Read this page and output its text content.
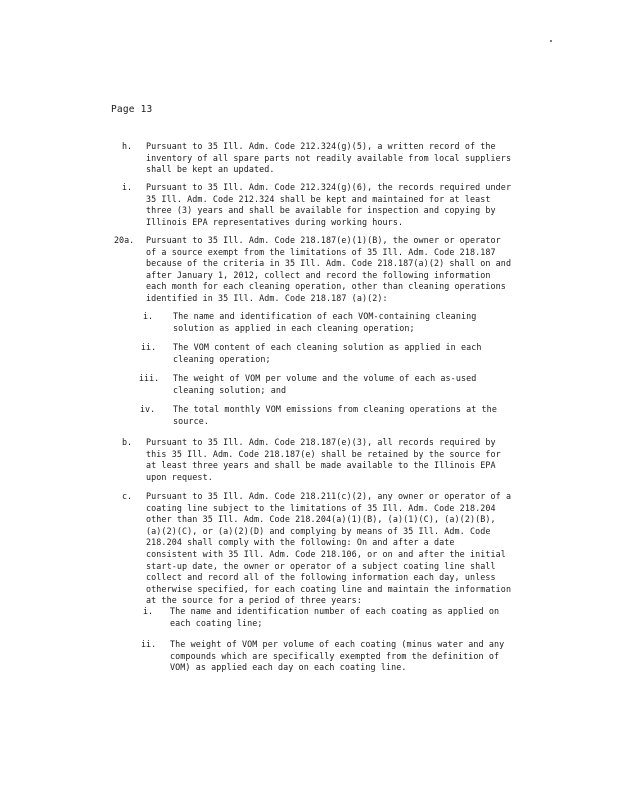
Page 13
h. Pursuant to 35 Ill. Adm. Code 212.324(g)(5), a written record of the
inventory of all spare parts not readily available from local suppliers
shall be kept an updated.
i. Pursuant to 35 Ill. Adm. Code 212.324(g)(6), the records required under
35 Ill. Adm. Code 212.324 shall be kept and maintained for at least
three (3) years and shall be available for inspection and copying by
Illinois EPA representatives during working hours.
20a. Pursuant to 35 Ill. Adm. Code 218.187(e)(1)(B), the owner or operator
of a source exempt from the limitations of 35 Ill. Adm. Code 218.187
because of the criteria in 35 Ill. Adm. Code 218.187(a)(2) shall on and
after January 1, 2012, collect and record the following information
each month for each cleaning operation, other than cleaning operations
identified in 35 Ill. Adm. Code 218.187 (a)(2):
i. The name and identification of each VOM-containing cleaning
solution as applied in each cleaning operation;
ii. The VOM content of each cleaning solution as applied in each
cleaning operation;
iii. The weight of VOM per volume and the volume of each as-used
cleaning solution; and
iv. The total monthly VOM emissions from cleaning operations at the
source.
b. Pursuant to 35 Ill. Adm. Code 218.187(e)(3), all records required by
this 35 Ill. Adm. Code 218.187(e) shall be retained by the source for
at least three years and shall be made available to the Illinois EPA
upon request.
c. Pursuant to 35 Ill. Adm. Code 218.211(c)(2), any owner or operator of a
coating line subject to the limitations of 35 Ill. Adm. Code 218.204
other than 35 Ill. Adm. Code 218.204(a)(1)(B), (a)(1)(C), (a)(2)(B),
(a)(2)(C), or (a)(2)(D) and complying by means of 35 Ill. Adm. Code
218.204 shall comply with the following: On and after a date
consistent with 35 Ill. Adm. Code 218.106, or on and after the initial
start-up date, the owner or operator of a subject coating line shall
collect and record all of the following information each day, unless
otherwise specified, for each coating line and maintain the information
at the source for a period of three years:
i. The name and identification number of each coating as applied on
each coating line;
ii. The weight of VOM per volume of each coating (minus water and any
compounds which are specifically exempted from the definition of
VOM) as applied each day on each coating line.
